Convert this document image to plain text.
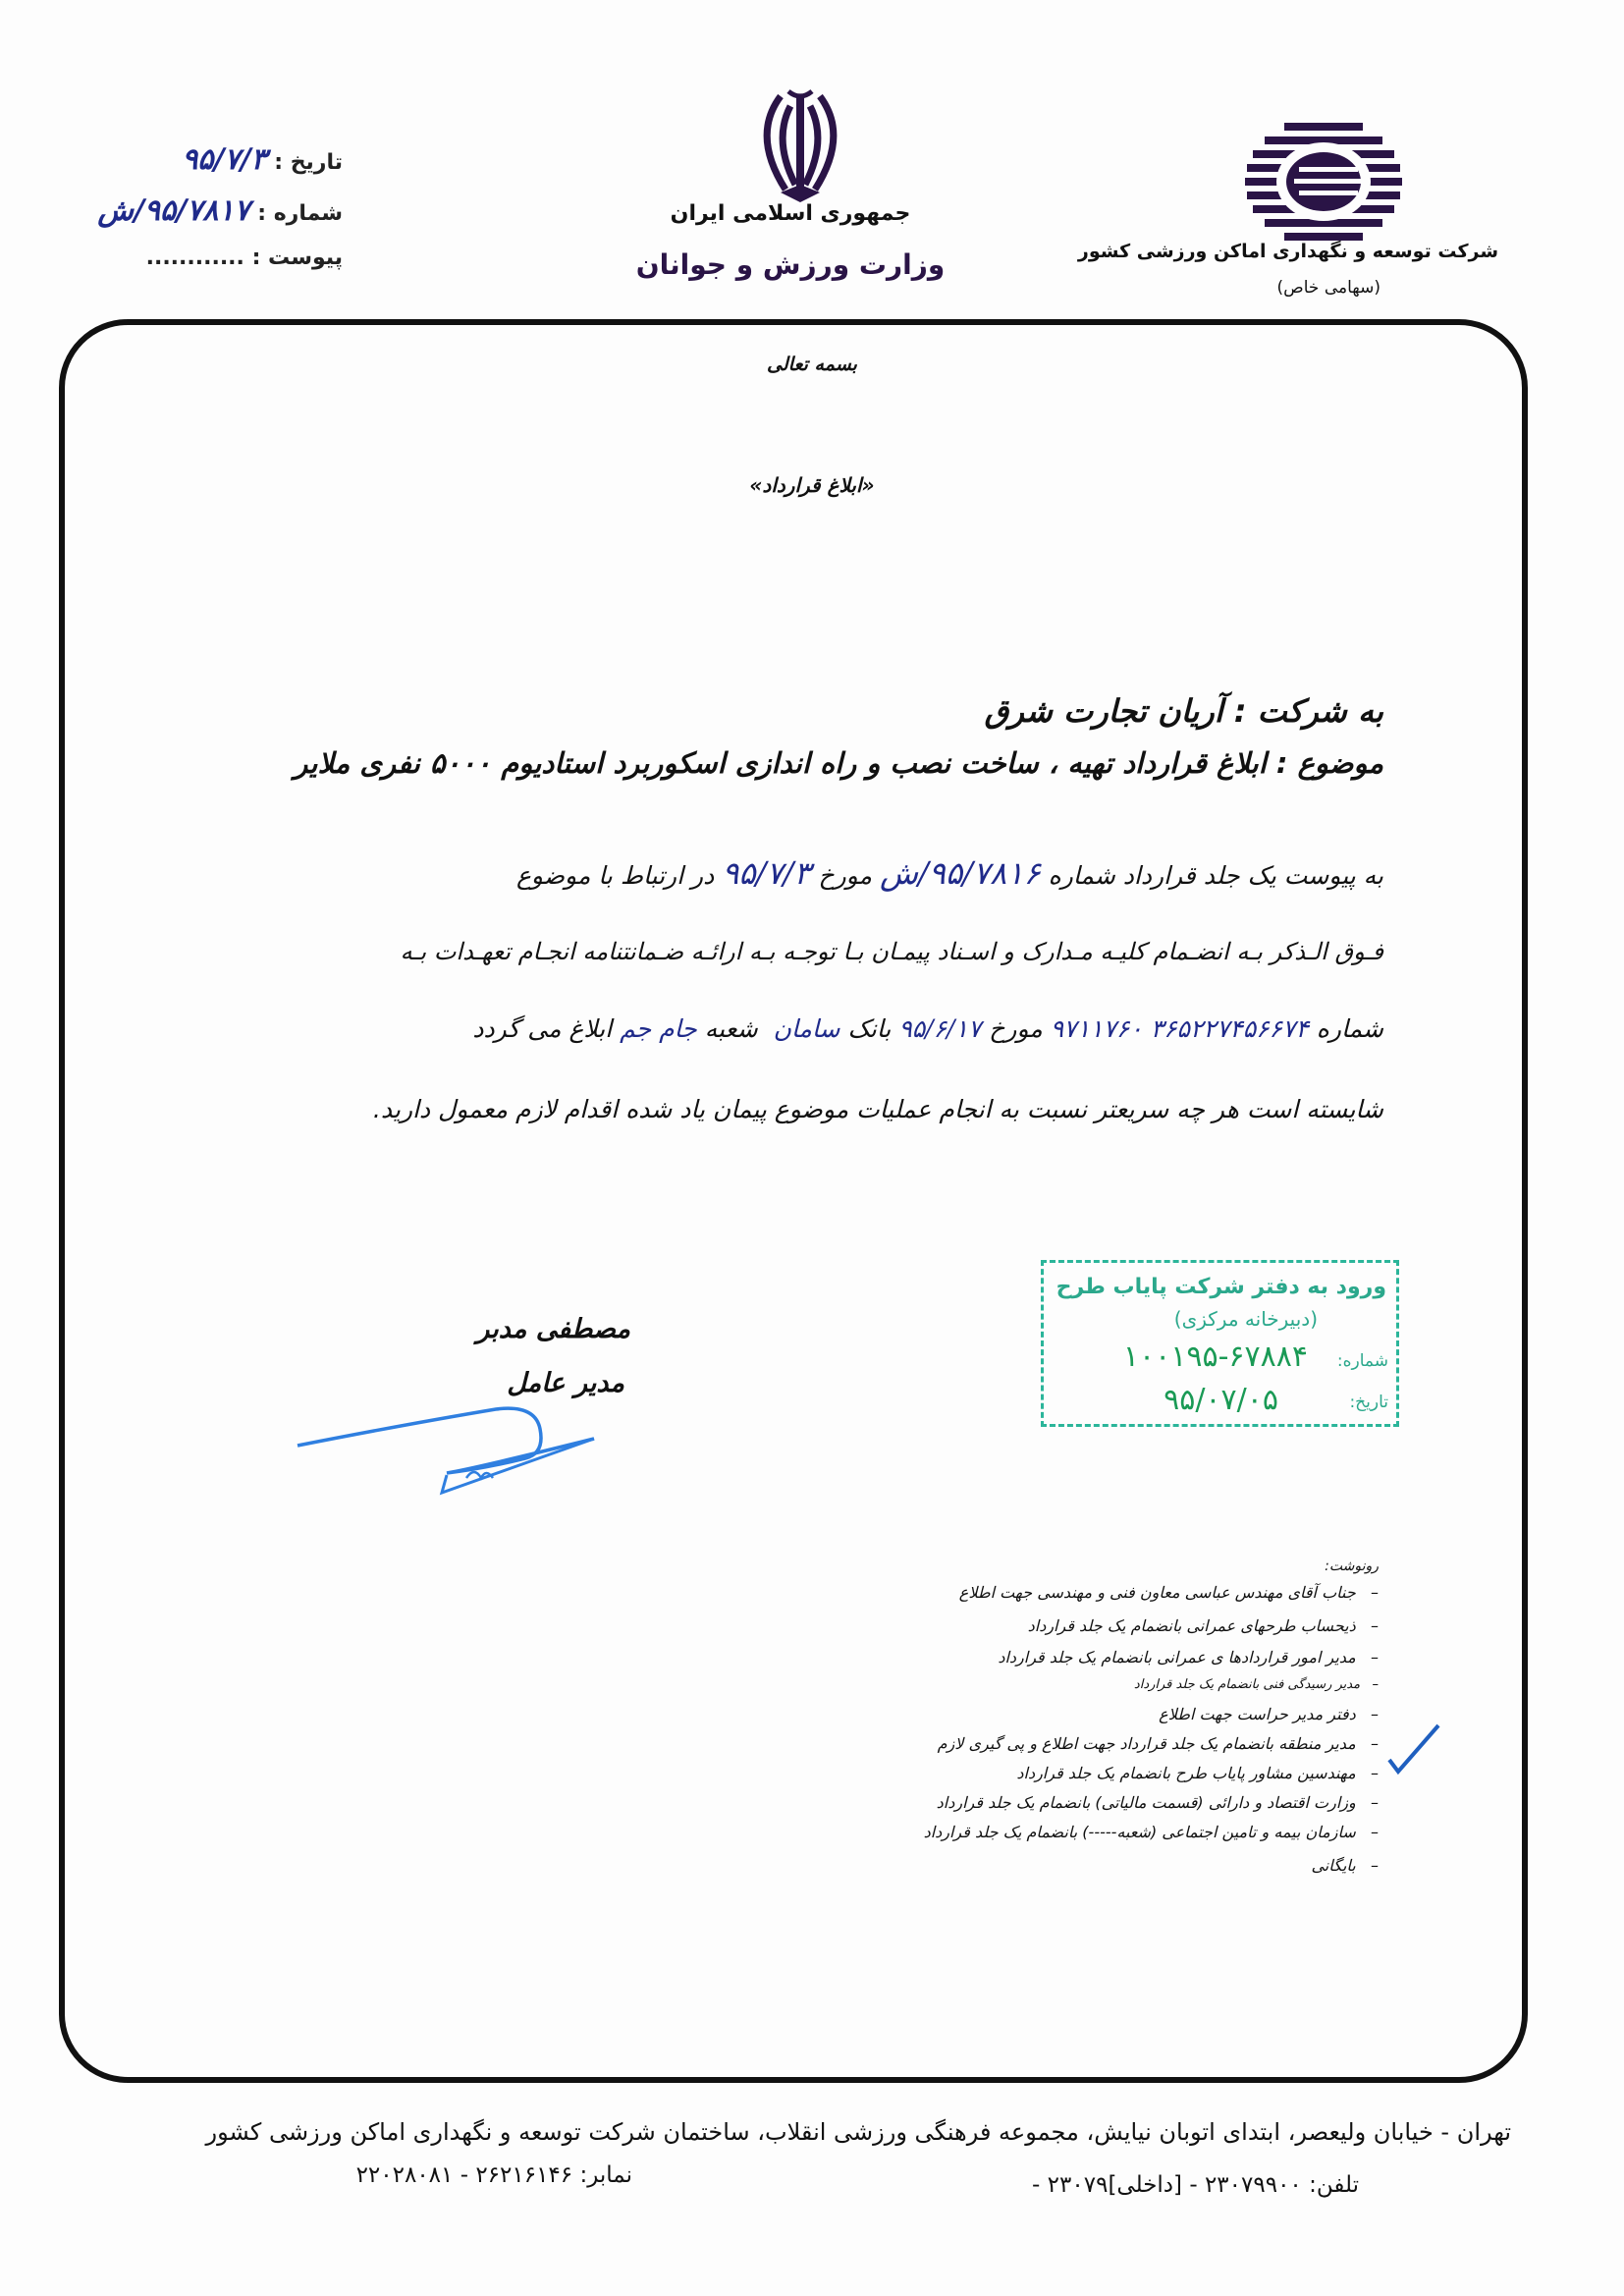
تاریخ : ۹۵/۷/۳
شماره : ۹۵/۷۸۱۷/ش
پیوست : ............
جمهوری اسلامی ایران
وزارت ورزش و جوانان	شرکت توسعه و نگهداری اماکن ورزشی کشور
(سهامی خاص)
بسمه تعالی
«ابلاغ قرارداد»
به شرکت : آریان تجارت شرق
موضوع : ابلاغ قرارداد تهیه ، ساخت نصب و راه اندازی اسکوربرد استادیوم ۵۰۰۰ نفری ملایر
به پیوست یک جلد قرارداد شماره ۹۵/۷۸۱۶/ش مورخ ۹۵/۷/۳ در ارتباط با موضوع
فـوق الـذکر بـه انضـمام کلیـه مـدارک و اسـناد پیمـان بـا توجـه بـه ارائـه ضـمانتنامه انجـام تعهـدات بـه
شماره ۳۶۵۲۲۷۴۵۶۶۷۴ ۹۷۱۱۷۶۰ مورخ ۹۵/۶/۱۷ بانک سامان  شعبه جام جم ابلاغ می گردد
شایسته است هر چه سریعتر نسبت به انجام عملیات موضوع پیمان یاد شده اقدام لازم معمول دارید.
ورود به دفتر شرکت پایاب طرح
(دبیرخانه مرکزی)
شماره:
۱۰۰۱۹۵-۶۷۸۸۴
تاریخ:
۹۵/۰۷/۰۵
مصطفی مدبر
مدیر عامل
رونوشت:
–   جناب آقای مهندس عباسی معاون فنی و مهندسی جهت اطلاع
–   ذیحساب طرحهای عمرانی بانضمام یک جلد قرارداد
–   مدیر امور قراردادها ی عمرانی بانضمام یک جلد قرارداد
–   مدیر رسیدگی فنی بانضمام یک جلد قرارداد
–   دفتر مدیر حراست جهت اطلاع
–   مدیر منطقه بانضمام یک جلد قرارداد جهت اطلاع و پی گیری لازم
–   مهندسین مشاور پایاب طرح بانضمام یک جلد قرارداد
–   وزارت اقتصاد و دارائی (قسمت مالیاتی) بانضمام یک جلد قرارداد
–   سازمان بیمه و تامین اجتماعی (شعبه-----) بانضمام یک جلد قرارداد
–   بایگانی
تهران - خیابان ولیعصر، ابتدای اتوبان نیایش، مجموعه فرهنگی ورزشی انقلاب، ساختمان شرکت توسعه و نگهداری اماکن ورزشی کشور
تلفن: ۲۳۰۷۹۹۰۰ - [داخلی]۲۳۰۷۹ -
نمابر: ۲۶۲۱۶۱۴۶ - ۲۲۰۲۸۰۸۱
